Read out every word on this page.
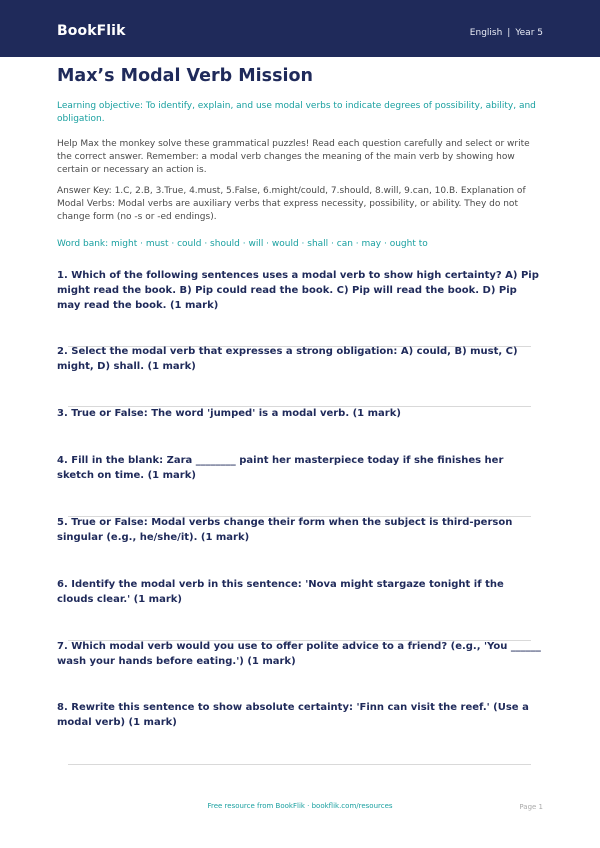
BookFlik	English | Year 5
Max’s Modal Verb Mission

Learning objective: To identify, explain, and use modal verbs to indicate degrees of possibility, ability, and obligation.

Help Max the monkey solve these grammatical puzzles! Read each question carefully and select or write the correct answer. Remember: a modal verb changes the meaning of the main verb by showing how certain or necessary an action is.

Answer Key: 1.C, 2.B, 3.True, 4.must, 5.False, 6.might/could, 7.should, 8.will, 9.can, 10.B. Explanation of Modal Verbs: Modal verbs are auxiliary verbs that express necessity, possibility, or ability. They do not change form (no -s or -ed endings).

Word bank: might · must · could · should · will · would · shall · can · may · ought to

1. Which of the following sentences uses a modal verb to show high certainty? A) Pip might read the book. B) Pip could read the book. C) Pip will read the book. D) Pip may read the book. (1 mark)

2. Select the modal verb that expresses a strong obligation: A) could, B) must, C) might, D) shall. (1 mark)

3. True or False: The word 'jumped' is a modal verb. (1 mark)

4. Fill in the blank: Zara ________ paint her masterpiece today if she finishes her sketch on time. (1 mark)

5. True or False: Modal verbs change their form when the subject is third-person singular (e.g., he/she/it). (1 mark)

6. Identify the modal verb in this sentence: 'Nova might stargaze tonight if the clouds clear.' (1 mark)

7. Which modal verb would you use to offer polite advice to a friend? (e.g., 'You ______ wash your hands before eating.') (1 mark)

8. Rewrite this sentence to show absolute certainty: 'Finn can visit the reef.' (Use a modal verb) (1 mark)

Free resource from BookFlik · bookflik.com/resources	Page 1
